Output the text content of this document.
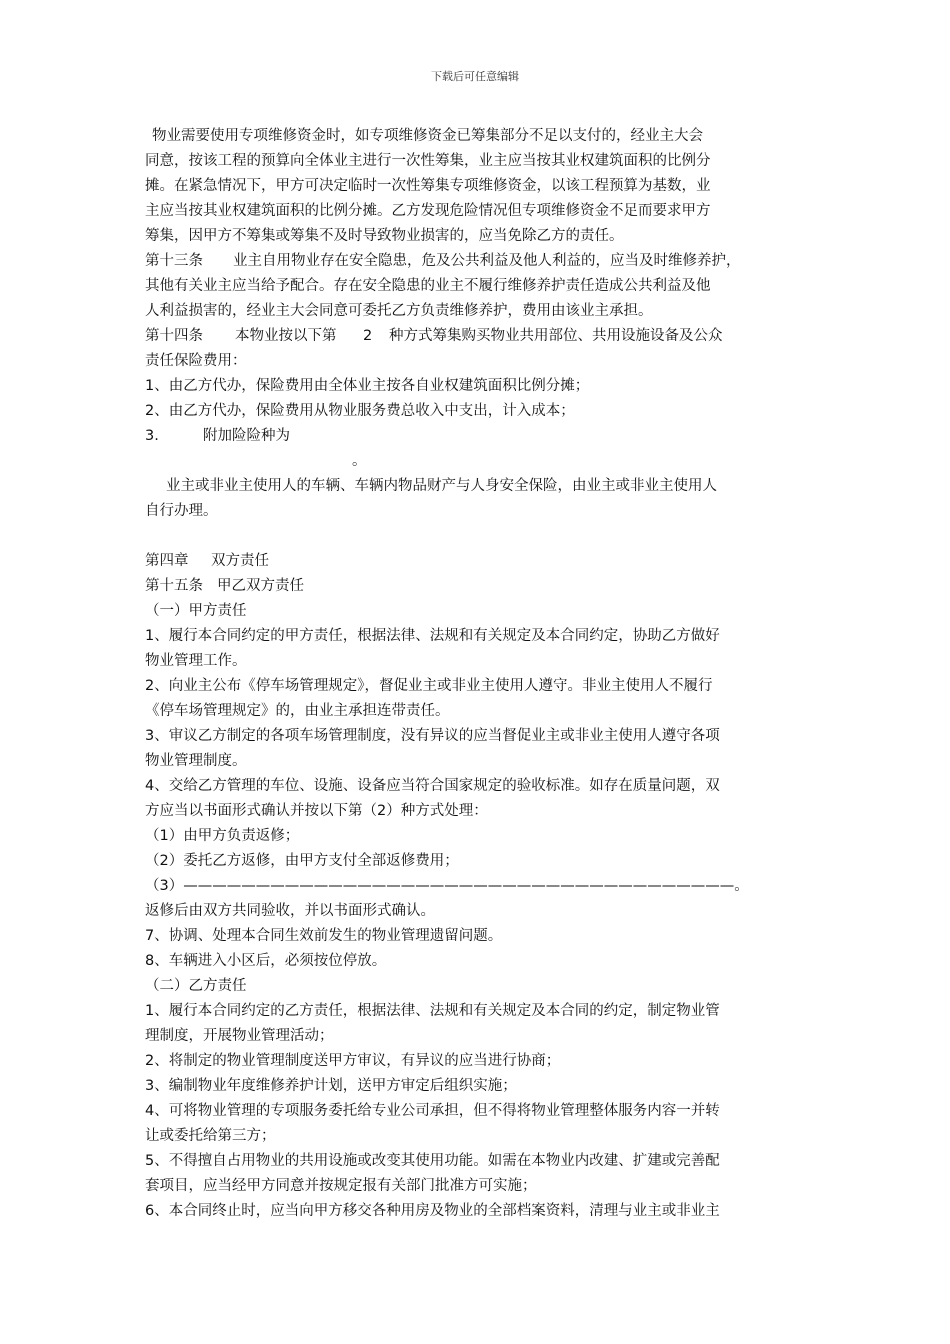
下载后可任意编辑

物业需要使用专项维修资金时，如专项维修资金已筹集部分不足以支付的，经业主大会

同意，按该工程的预算向全体业主进行一次性筹集，业主应当按其业权建筑面积的比例分

摊。在紧急情况下，甲方可决定临时一次性筹集专项维修资金，以该工程预算为基数，业

主应当按其业权建筑面积的比例分摊。乙方发现危险情况但专项维修资金不足而要求甲方

筹集，因甲方不筹集或筹集不及时导致物业损害的，应当免除乙方的责任。

第十三条 业主自用物业存在安全隐患，危及公共利益及他人利益的，应当及时维修养护，

其他有关业主应当给予配合。存在安全隐患的业主不履行维修养护责任造成公共利益及他

人利益损害的，经业主大会同意可委托乙方负责维修养护，费用由该业主承担。

第十四条 本物业按以下第 2 种方式筹集购买物业共用部位、共用设施设备及公众

责任保险费用：

1、由乙方代办，保险费用由全体业主按各自业权建筑面积比例分摊；

2、由乙方代办，保险费用从物业服务费总收入中支出，计入成本；

3.	附加险险种为

。

业主或非业主使用人的车辆、车辆内物品财产与人身安全保险，由业主或非业主使用人

自行办理。

第四章 双方责任

第十五条 甲乙双方责任

（一）甲方责任

1、履行本合同约定的甲方责任，根据法律、法规和有关规定及本合同约定，协助乙方做好

物业管理工作。

2、向业主公布《停车场管理规定》，督促业主或非业主使用人遵守。非业主使用人不履行

《停车场管理规定》的，由业主承担连带责任。

3、审议乙方制定的各项车场管理制度，没有异议的应当督促业主或非业主使用人遵守各项

物业管理制度。

4、交给乙方管理的车位、设施、设备应当符合国家规定的验收标准。如存在质量问题，双

方应当以书面形式确认并按以下第（2）种方式处理：

（1）由甲方负责返修；

（2）委托乙方返修，由甲方支付全部返修费用；

（3）——————————————————————————————————————。

返修后由双方共同验收，并以书面形式确认。

7、协调、处理本合同生效前发生的物业管理遗留问题。

8、车辆进入小区后，必须按位停放。

（二）乙方责任

1、履行本合同约定的乙方责任，根据法律、法规和有关规定及本合同的约定，制定物业管

理制度，开展物业管理活动；

2、将制定的物业管理制度送甲方审议，有异议的应当进行协商；

3、编制物业年度维修养护计划，送甲方审定后组织实施；

4、可将物业管理的专项服务委托给专业公司承担，但不得将物业管理整体服务内容一并转

让或委托给第三方；

5、不得擅自占用物业的共用设施或改变其使用功能。如需在本物业内改建、扩建或完善配

套项目，应当经甲方同意并按规定报有关部门批准方可实施；

6、本合同终止时，应当向甲方移交各种用房及物业的全部档案资料，清理与业主或非业主
